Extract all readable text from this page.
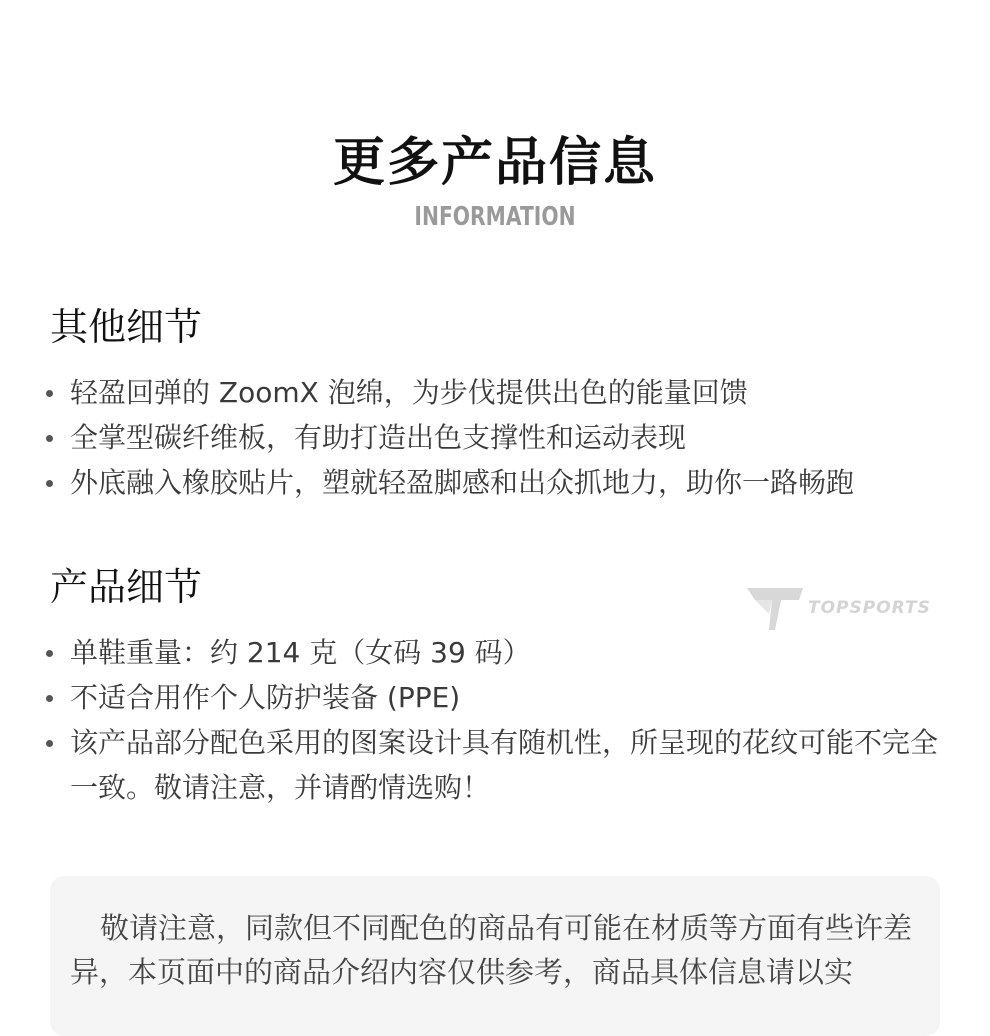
更多产品信息
INFORMATION
其他细节
轻盈回弹的 ZoomX 泡绵，为步伐提供出色的能量回馈
全掌型碳纤维板，有助打造出色支撑性和运动表现
外底融入橡胶贴片，塑就轻盈脚感和出众抓地力，助你一路畅跑
TOPSPORTS
产品细节
单鞋重量：约 214 克（女码 39 码）
不适合用作个人防护装备 (PPE)
该产品部分配色采用的图案设计具有随机性，所呈现的花纹可能不完全一致。敬请注意，并请酌情选购！

敬请注意，同款但不同配色的商品有可能在材质等方面有些许差异，本页面中的商品介绍内容仅供参考，商品具体信息请以实
